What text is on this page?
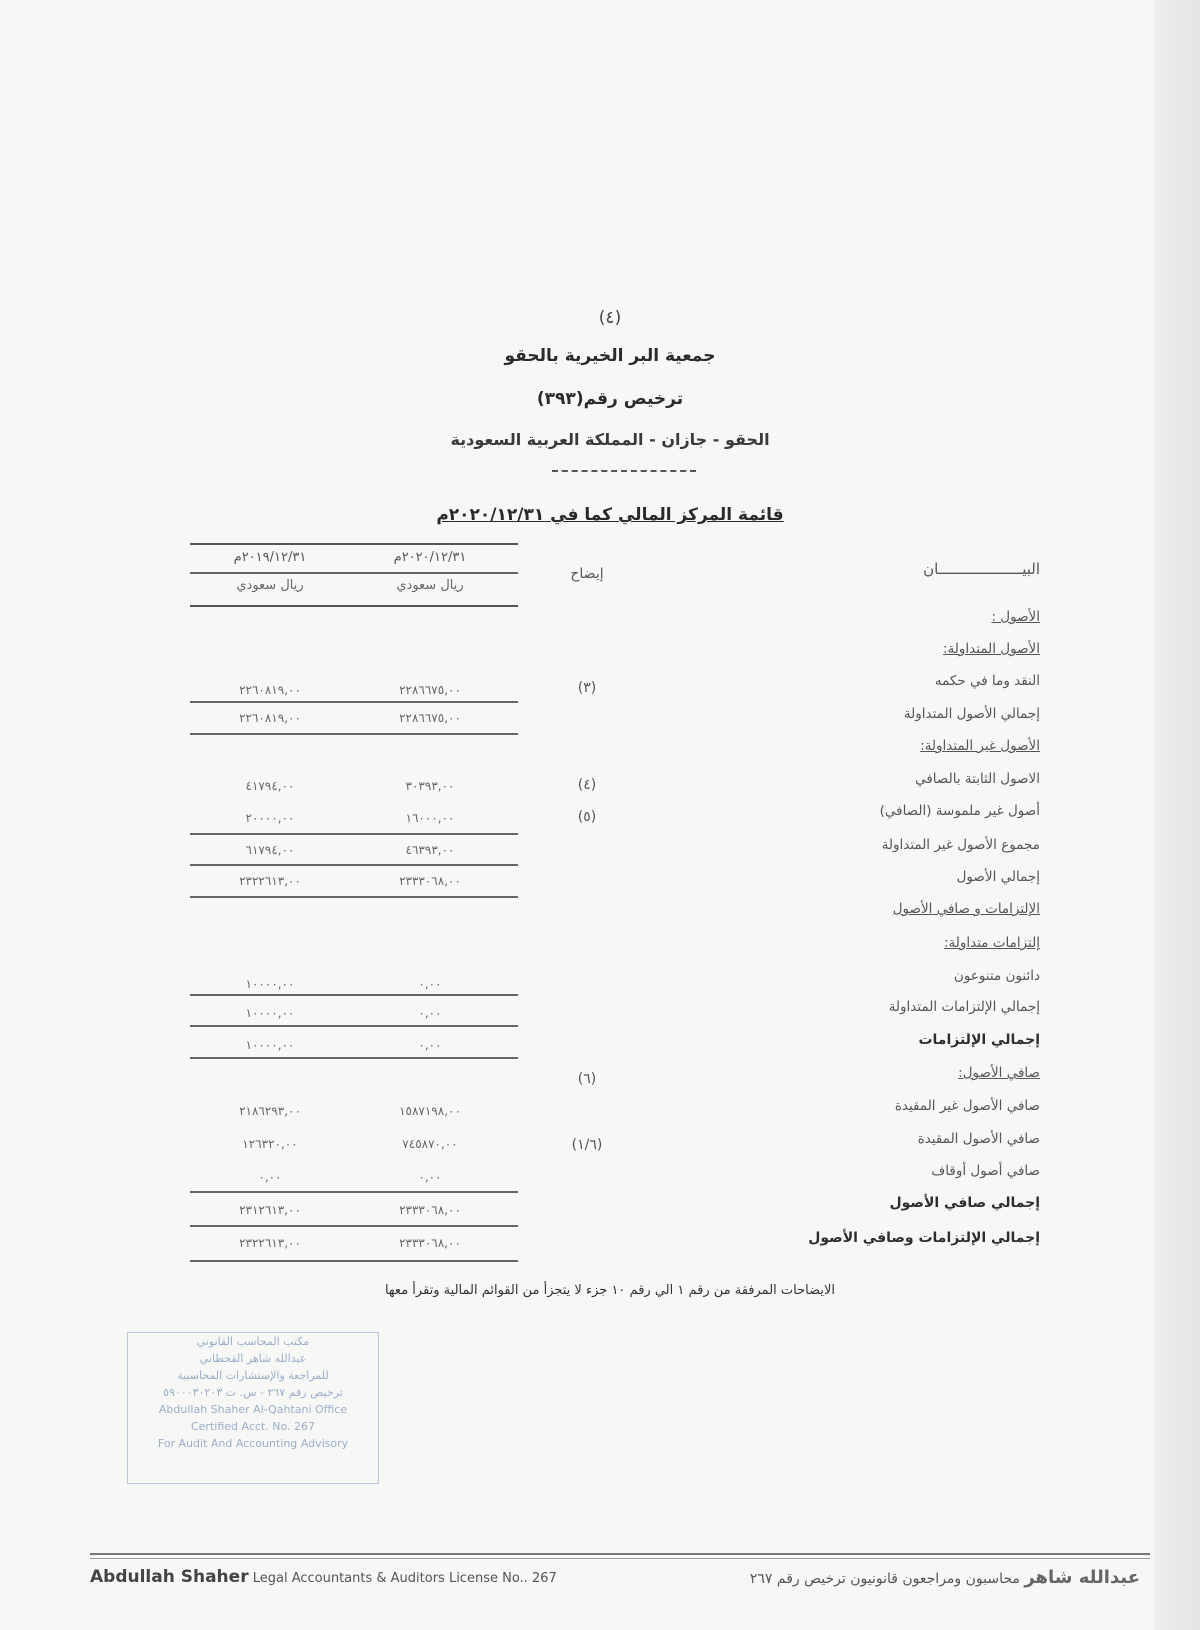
(٤)
جمعية البر الخيرية بالحقو
ترخيص رقم(٣٩٣)
الحقو - جازان - المملكة العربية السعودية
قائمة المركز المالي كما في ٢٠٢٠/١٢/٣١م
٢٠٢٠/١٢/٣١م
٢٠١٩/١٢/٣١م
ريال سعودي
ريال سعودي
إيضاح	البيـــــــــــــــــــان
الأصول :
الأصول المتداولة:
النقد وما في حكمه
(٣)
٢٢٨٦٦٧٥,٠٠
٢٢٦٠٨١٩,٠٠
إجمالي الأصول المتداولة
٢٢٨٦٦٧٥,٠٠
٢٢٦٠٨١٩,٠٠
الأصول غير المتداولة:
الاصول الثابتة بالصافي
(٤)
٣٠٣٩٣,٠٠
٤١٧٩٤,٠٠
أصول غير ملموسة (الصافي)
(٥)
١٦٠٠٠,٠٠
٢٠٠٠٠,٠٠
مجموع الأصول غير المتداولة
٤٦٣٩٣,٠٠
٦١٧٩٤,٠٠
إجمالي الأصول
٢٣٣٣٠٦٨,٠٠
٢٣٢٢٦١٣,٠٠
الإلتزامات و صافي الأصول
إلتزامات متداولة:
دائنون متنوعون
٠,٠٠
١٠٠٠٠,٠٠
إجمالي الإلتزامات المتداولة
٠,٠٠
١٠٠٠٠,٠٠
إجمالي الإلتزامات
٠,٠٠
١٠٠٠٠,٠٠
صافي الأصول:
(٦)
صافي الأصول غير المقيدة
١٥٨٧١٩٨,٠٠
٢١٨٦٢٩٣,٠٠
صافي الأصول المقيدة
(١/٦)
٧٤٥٨٧٠,٠٠
١٢٦٣٢٠,٠٠
صافي أصول أوقاف
٠,٠٠
٠,٠٠
إجمالي صافي الأصول
٢٣٣٣٠٦٨,٠٠
٢٣١٢٦١٣,٠٠
إجمالي الإلتزامات وصافي الأصول
٢٣٣٣٠٦٨,٠٠
٢٣٢٢٦١٣,٠٠
الايضاحات المرفقة من رقم ١ الي رقم ١٠ جزء لا يتجزأ من القوائم المالية وتقرأ معها
مكتب المحاسب القانوني
عبدالله شاهر القحطاني
للمراجعة والإستشارات المحاسبية
ترخيص رقم ٢٦٧ - س. ت ٥٩٠٠٠٣٠٢٠٣
Abdullah Shaher Al-Qahtani Office
Certified Acct. No. 267
For Audit And Accounting Advisory
Abdullah Shaher Legal Accountants & Auditors License No.. 267	عبدالله شاهر محاسبون ومراجعون قانونيون ترخيص رقم ٢٦٧
